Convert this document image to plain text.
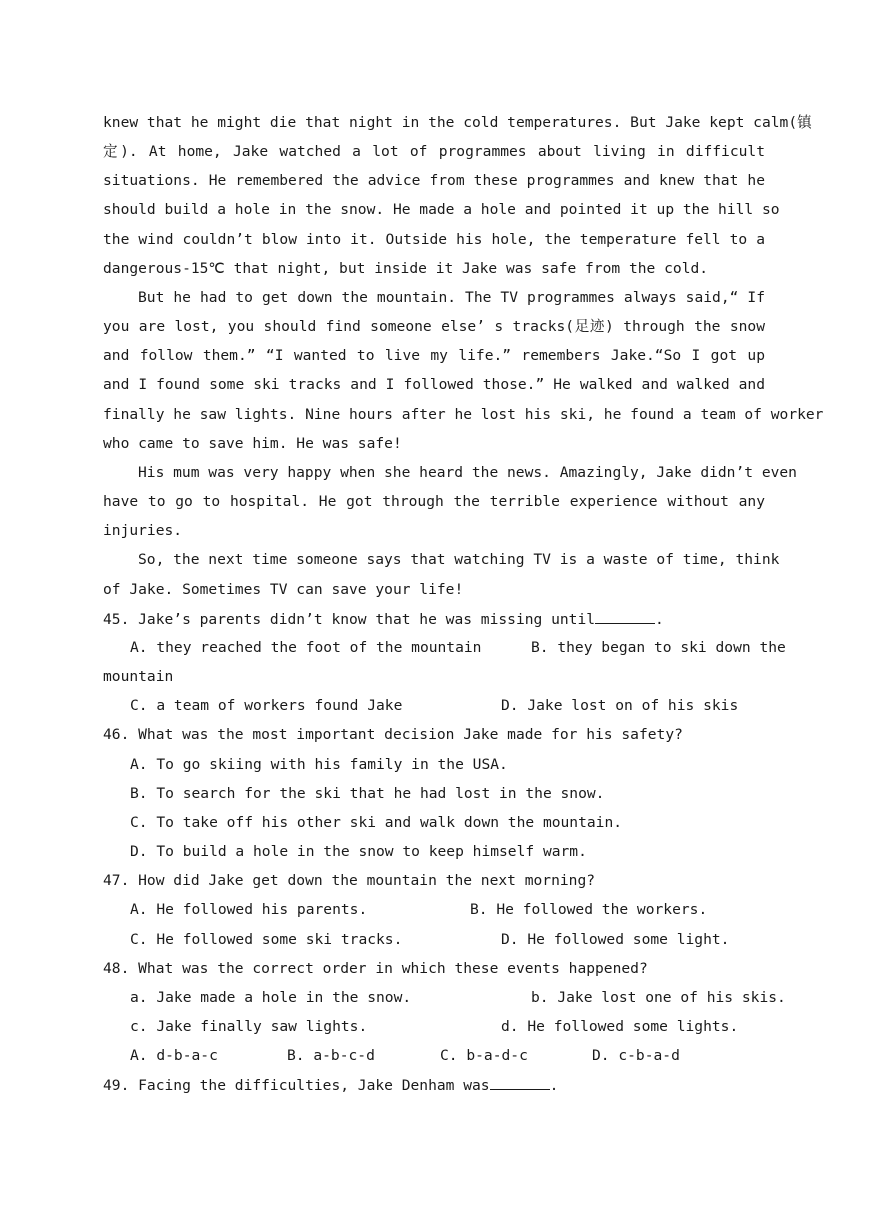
knew that he might die that night in the cold temperatures. But Jake kept calm(镇
定). At home, Jake watched a lot of programmes about living in difficult
situations. He remembered the advice from these programmes and knew that he
should build a hole in the snow. He made a hole and pointed it up the hill so
the wind couldn’t blow into it. Outside his hole, the temperature fell to a
dangerous-15℃ that night, but inside it Jake was safe from the cold.
But he had to get down the mountain. The TV programmes always said,“ If
you are lost, you should find someone else’ s tracks(足迹) through the snow
and follow them.” “I wanted to live my life.” remembers Jake.“So I got up
and I found some ski tracks and I followed those.” He walked and walked and
finally he saw lights. Nine hours after he lost his ski, he found a team of worker
who came to save him. He was safe!
His mum was very happy when she heard the news. Amazingly, Jake didn’t even
have to go to hospital. He got through the terrible experience without any
injuries.
So, the next time someone says that watching TV is a waste of time, think
of Jake. Sometimes TV can save your life!
45. Jake’s parents didn’t know that he was missing until	.
A. they reached the foot of the mountain	B. they began to ski down the
mountain
C. a team of workers found Jake	D. Jake lost on of his skis
46. What was the most important decision Jake made for his safety?
A. To go skiing with his family in the USA.
B. To search for the ski that he had lost in the snow.
C. To take off his other ski and walk down the mountain.
D. To build a hole in the snow to keep himself warm.
47. How did Jake get down the mountain the next morning?
A. He followed his parents.	B. He followed the workers.
C. He followed some ski tracks.	D. He followed some light.
48. What was the correct order in which these events happened?
a. Jake made a hole in the snow.	b. Jake lost one of his skis.
c. Jake finally saw lights.	d. He followed some lights.
A. d-b-a-c	B. a-b-c-d	C. b-a-d-c	D. c-b-a-d
49. Facing the difficulties, Jake Denham was	.
